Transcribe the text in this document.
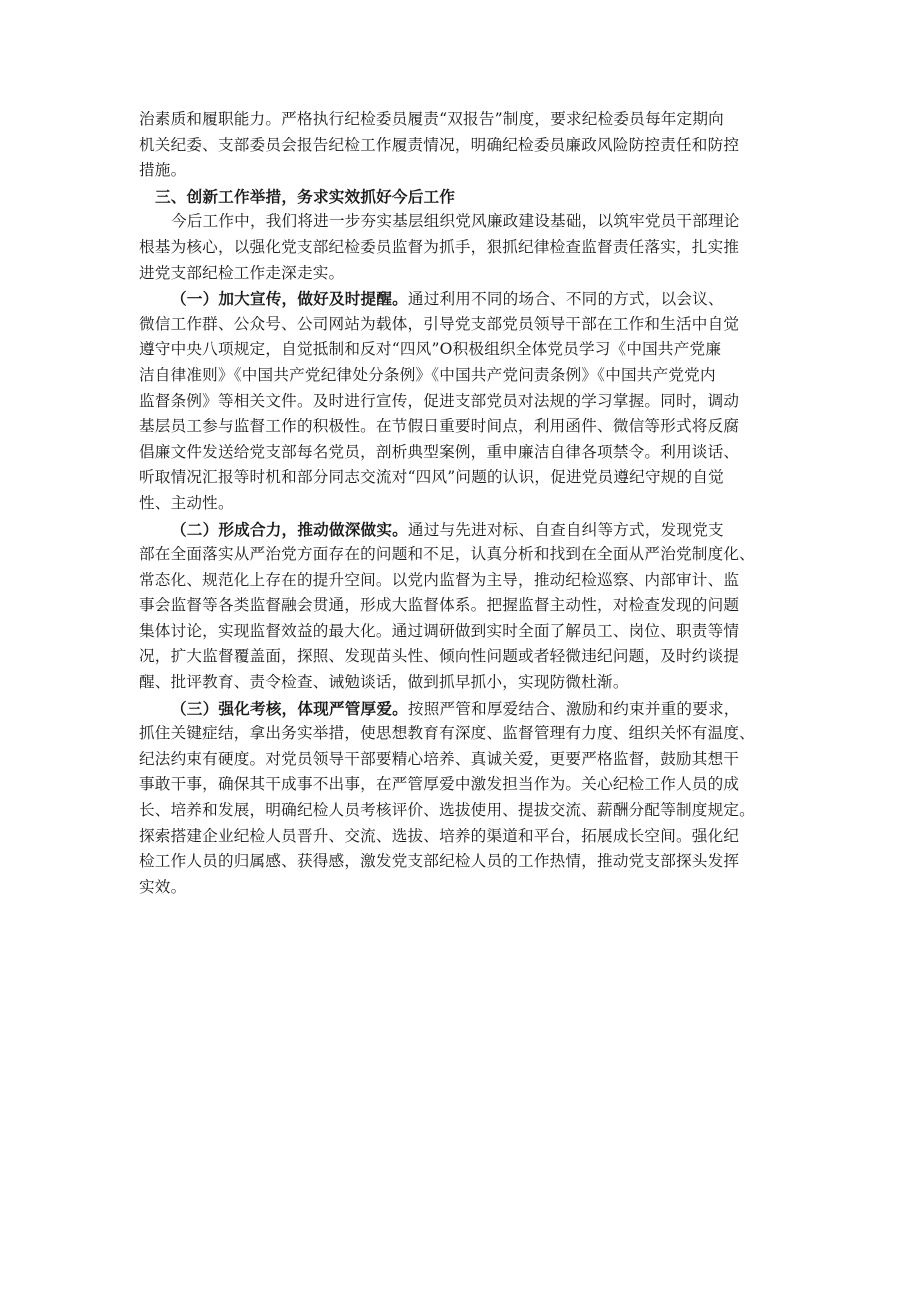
治素质和履职能力。严格执行纪检委员履责“双报告”制度，要求纪检委员每年定期向
机关纪委、支部委员会报告纪检工作履责情况，明确纪检委员廉政风险防控责任和防控
措施。
三、创新工作举措，务求实效抓好今后工作
今后工作中，我们将进一步夯实基层组织党风廉政建设基础，以筑牢党员干部理论
根基为核心，以强化党支部纪检委员监督为抓手，狠抓纪律检查监督责任落实，扎实推
进党支部纪检工作走深走实。
（一）加大宣传，做好及时提醒。通过利用不同的场合、不同的方式，以会议、
微信工作群、公众号、公司网站为载体，引导党支部党员领导干部在工作和生活中自觉
遵守中央八项规定，自觉抵制和反对“四风”O积极组织全体党员学习《中国共产党廉
洁自律准则》《中国共产党纪律处分条例》《中国共产党问责条例》《中国共产党党内
监督条例》等相关文件。及时进行宣传，促进支部党员对法规的学习掌握。同时，调动
基层员工参与监督工作的积极性。在节假日重要时间点，利用函件、微信等形式将反腐
倡廉文件发送给党支部每名党员，剖析典型案例，重申廉洁自律各项禁令。利用谈话、
听取情况汇报等时机和部分同志交流对“四风”问题的认识，促进党员遵纪守规的自觉
性、主动性。
（二）形成合力，推动做深做实。通过与先进对标、自查自纠等方式，发现党支
部在全面落实从严治党方面存在的问题和不足，认真分析和找到在全面从严治党制度化、
常态化、规范化上存在的提升空间。以党内监督为主导，推动纪检巡察、内部审计、监
事会监督等各类监督融会贯通，形成大监督体系。把握监督主动性，对检查发现的问题
集体讨论，实现监督效益的最大化。通过调研做到实时全面了解员工、岗位、职责等情
况，扩大监督覆盖面，探照、发现苗头性、倾向性问题或者轻微违纪问题，及时约谈提
醒、批评教育、责令检查、诫勉谈话，做到抓早抓小，实现防微杜渐。
（三）强化考核，体现严管厚爱。按照严管和厚爱结合、激励和约束并重的要求，
抓住关键症结，拿出务实举措，使思想教育有深度、监督管理有力度、组织关怀有温度、
纪法约束有硬度。对党员领导干部要精心培养、真诚关爱，更要严格监督，鼓励其想干
事敢干事，确保其干成事不出事，在严管厚爱中激发担当作为。关心纪检工作人员的成
长、培养和发展，明确纪检人员考核评价、选拔使用、提拔交流、薪酬分配等制度规定。
探索搭建企业纪检人员晋升、交流、选拔、培养的渠道和平台，拓展成长空间。强化纪
检工作人员的归属感、获得感，激发党支部纪检人员的工作热情，推动党支部探头发挥
实效。
